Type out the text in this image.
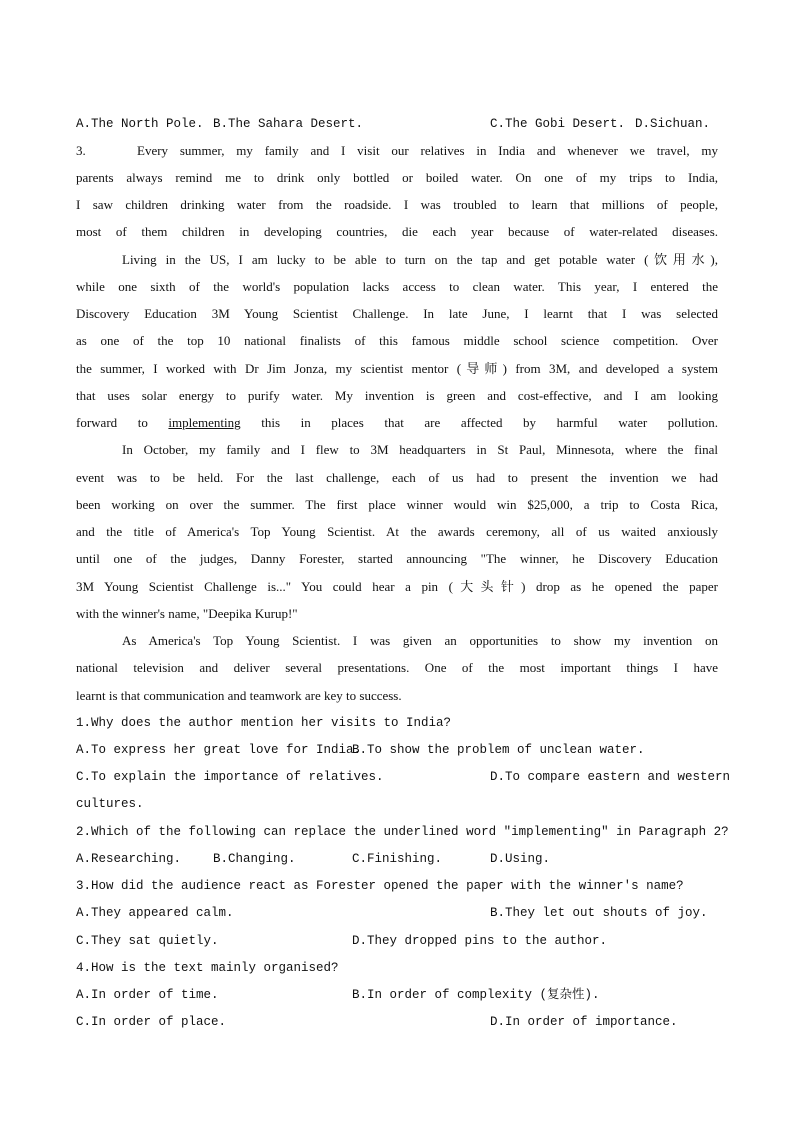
A.The North Pole. B.The Sahara Desert.	C.The Gobi Desert. D.Sichuan.
3.	Every summer, my family and I visit our relatives in India and whenever we travel, my
parents always remind me to drink only bottled or boiled water. On one of my trips to India,
I saw children drinking water from the roadside. I was troubled to learn that millions of people,
most of them children in developing countries, die each year because of water-related diseases.
Living in the US, I am lucky to be able to turn on the tap and get potable water (饮用水),
while one sixth of the world's population lacks access to clean water. This year, I entered the
Discovery Education 3M Young Scientist Challenge. In late June, I learnt that I was selected
as one of the top 10 national finalists of this famous middle school science competition. Over
the summer, I worked with Dr Jim Jonza, my scientist mentor (导师) from 3M, and developed a system
that uses solar energy to purify water. My invention is green and cost-effective, and I am looking
forward to implementing this in places that are affected by harmful water pollution.
In October, my family and I flew to 3M headquarters in St Paul, Minnesota, where the final
event was to be held. For the last challenge, each of us had to present the invention we had
been working on over the summer. The first place winner would win $25,000, a trip to Costa Rica,
and the title of America's Top Young Scientist. At the awards ceremony, all of us waited anxiously
until one of the judges, Danny Forester, started announcing "The winner, he Discovery Education
3M Young Scientist Challenge is..." You could hear a pin (大头针) drop as he opened the paper
with the winner's name, "Deepika Kurup!"
As America's Top Young Scientist. I was given an opportunities to show my invention on
national television and deliver several presentations. One of the most important things I have
learnt is that communication and teamwork are key to success.
1.Why does the author mention her visits to India?
A.To express her great love for India.
B.To show the problem of unclean water.
C.To explain the importance of relatives.	D.To compare eastern and western
cultures.
2.Which of the following can replace the underlined word "implementing" in Paragraph 2?
A.Researching.	B.Changing.	C.Finishing.	D.Using.
3.How did the audience react as Forester opened the paper with the winner's name?
A.They appeared calm.	B.They let out shouts of joy.
C.They sat quietly.	D.They dropped pins to the author.
4.How is the text mainly organised?
A.In order of time.	B.In order of complexity (复杂性).
C.In order of place.	D.In order of importance.
